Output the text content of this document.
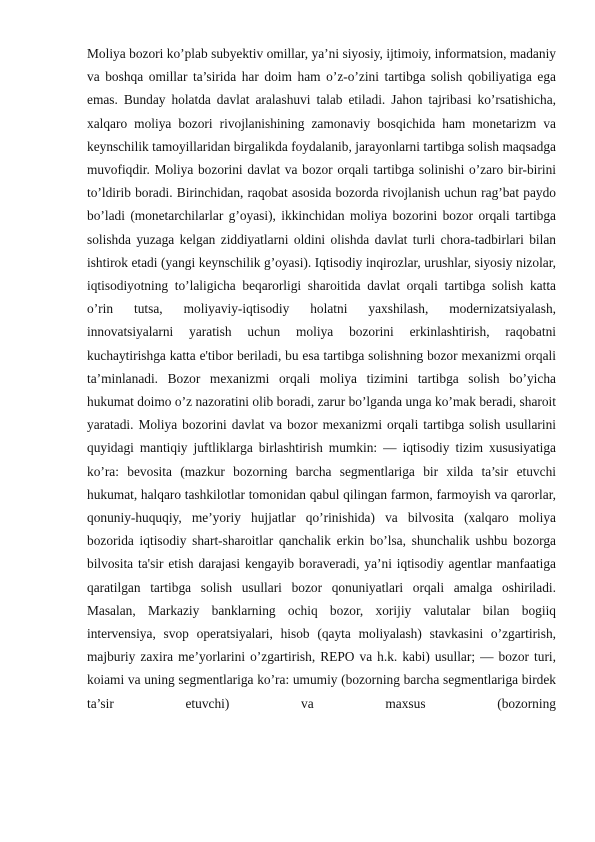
Moliya bozori ko’plab subyektiv omillar, ya’ni siyosiy, ijtimoiy, informatsion, madaniy va boshqa omillar ta’sirida har doim ham o’z-o’zini tartibga solish qobiliyatiga ega emas. Bunday holatda davlat aralashuvi talab etiladi. Jahon tajribasi ko’rsatishicha, xalqaro moliya bozori rivojlanishining zamonaviy bosqichida ham monetarizm va keynschilik tamoyillaridan birgalikda foydalanib, jarayonlarni tartibga solish maqsadga muvofiqdir. Moliya bozorini davlat va bozor orqali tartibga solinishi o’zaro bir-birini to’ldirib boradi. Birinchidan, raqobat asosida bozorda rivojlanish uchun rag’bat paydo bo’ladi (monetarchilarlar g’oyasi), ikkinchidan moliya bozorini bozor orqali tartibga solishda yuzaga kelgan ziddiyatlarni oldini olishda davlat turli chora-tadbirlari bilan ishtirok etadi (yangi keynschilik g’oyasi). Iqtisodiy inqirozlar, urushlar, siyosiy nizolar, iqtisodiyotning to’laligicha beqarorligi sharoitida davlat orqali tartibga solish katta o’rin tutsa, moliyaviy-iqtisodiy holatni yaxshilash, modernizatsiyalash, innovatsiyalarni yaratish uchun moliya bozorini erkinlashtirish, raqobatni kuchaytirishga katta e'tibor beriladi, bu esa tartibga solishning bozor mexanizmi orqali ta’minlanadi. Bozor mexanizmi orqali moliya tizimini tartibga solish bo’yicha hukumat doimo o’z nazoratini olib boradi, zarur bo’lganda unga ko’mak beradi, sharoit yaratadi. Moliya bozorini davlat va bozor mexanizmi orqali tartibga solish usullarini quyidagi mantiqiy juftliklarga birlashtirish mumkin: — iqtisodiy tizim xususiyatiga ko’ra: bevosita (mazkur bozorning barcha segmentlariga bir xilda ta’sir etuvchi hukumat, halqaro tashkilotlar tomonidan qabul qilingan farmon, farmoyish va qarorlar, qonuniy-huquqiy, me’yoriy hujjatlar qo’rinishida) va bilvosita (xalqaro moliya bozorida iqtisodiy shart-sharoitlar qanchalik erkin bo’lsa, shunchalik ushbu bozorga bilvosita ta'sir etish darajasi kengayib boraveradi, ya’ni iqtisodiy agentlar manfaatiga qaratilgan tartibga solish usullari bozor qonuniyatlari orqali amalga oshiriladi. Masalan, Markaziy banklarning ochiq bozor, xorijiy valutalar bilan bogiiq intervensiya, svop operatsiyalari, hisob (qayta moliyalash) stavkasini o’zgartirish, majburiy zaxira me’yorlarini o’zgartirish, REPO va h.k. kabi) usullar; — bozor turi, koiami va uning segmentlariga ko’ra: umumiy (bozorning barcha segmentlariga birdek ta’sir etuvchi) va maxsus (bozorning
